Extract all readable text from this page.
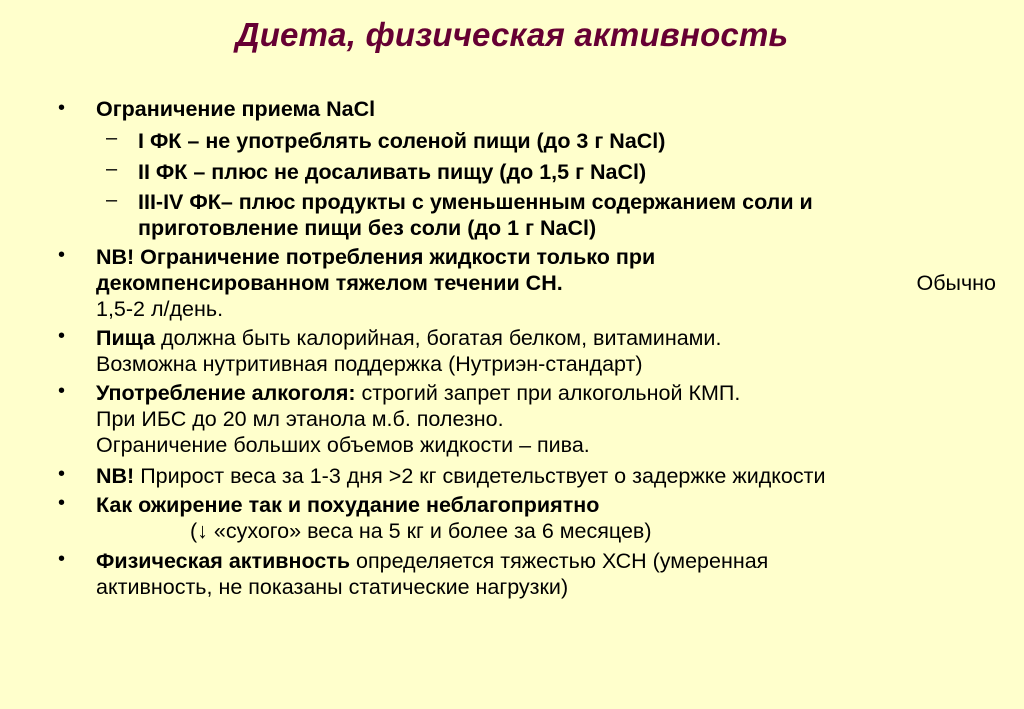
Диета, физическая активность
• Ограничение приема NaCl
– I ФК – не употреблять соленой пищи (до 3 г NaCl)
– II ФК – плюс не досаливать пищу (до 1,5 г NaCl)
– III-IV ФК– плюс продукты с уменьшенным содержанием соли и
приготовление пищи без соли (до 1 г NaCl)
• NB! Ограничение потребления жидкости только при
декомпенсированном тяжелом течении СН.	Обычно
1,5-2 л/день.
• Пища должна быть калорийная, богатая белком, витаминами.
Возможна нутритивная поддержка (Нутриэн-стандарт)
• Употребление алкоголя: строгий запрет при алкогольной КМП.
При ИБС до 20 мл этанола м.б. полезно.
Ограничение больших объемов жидкости – пива.
• NB! Прирост веса за 1-3 дня >2 кг свидетельствует о задержке жидкости
• Как ожирение так и похудание неблагоприятно
(↓ «сухого» веса на 5 кг и более за 6 месяцев)
• Физическая активность определяется тяжестью ХСН (умеренная
активность, не показаны статические нагрузки)
